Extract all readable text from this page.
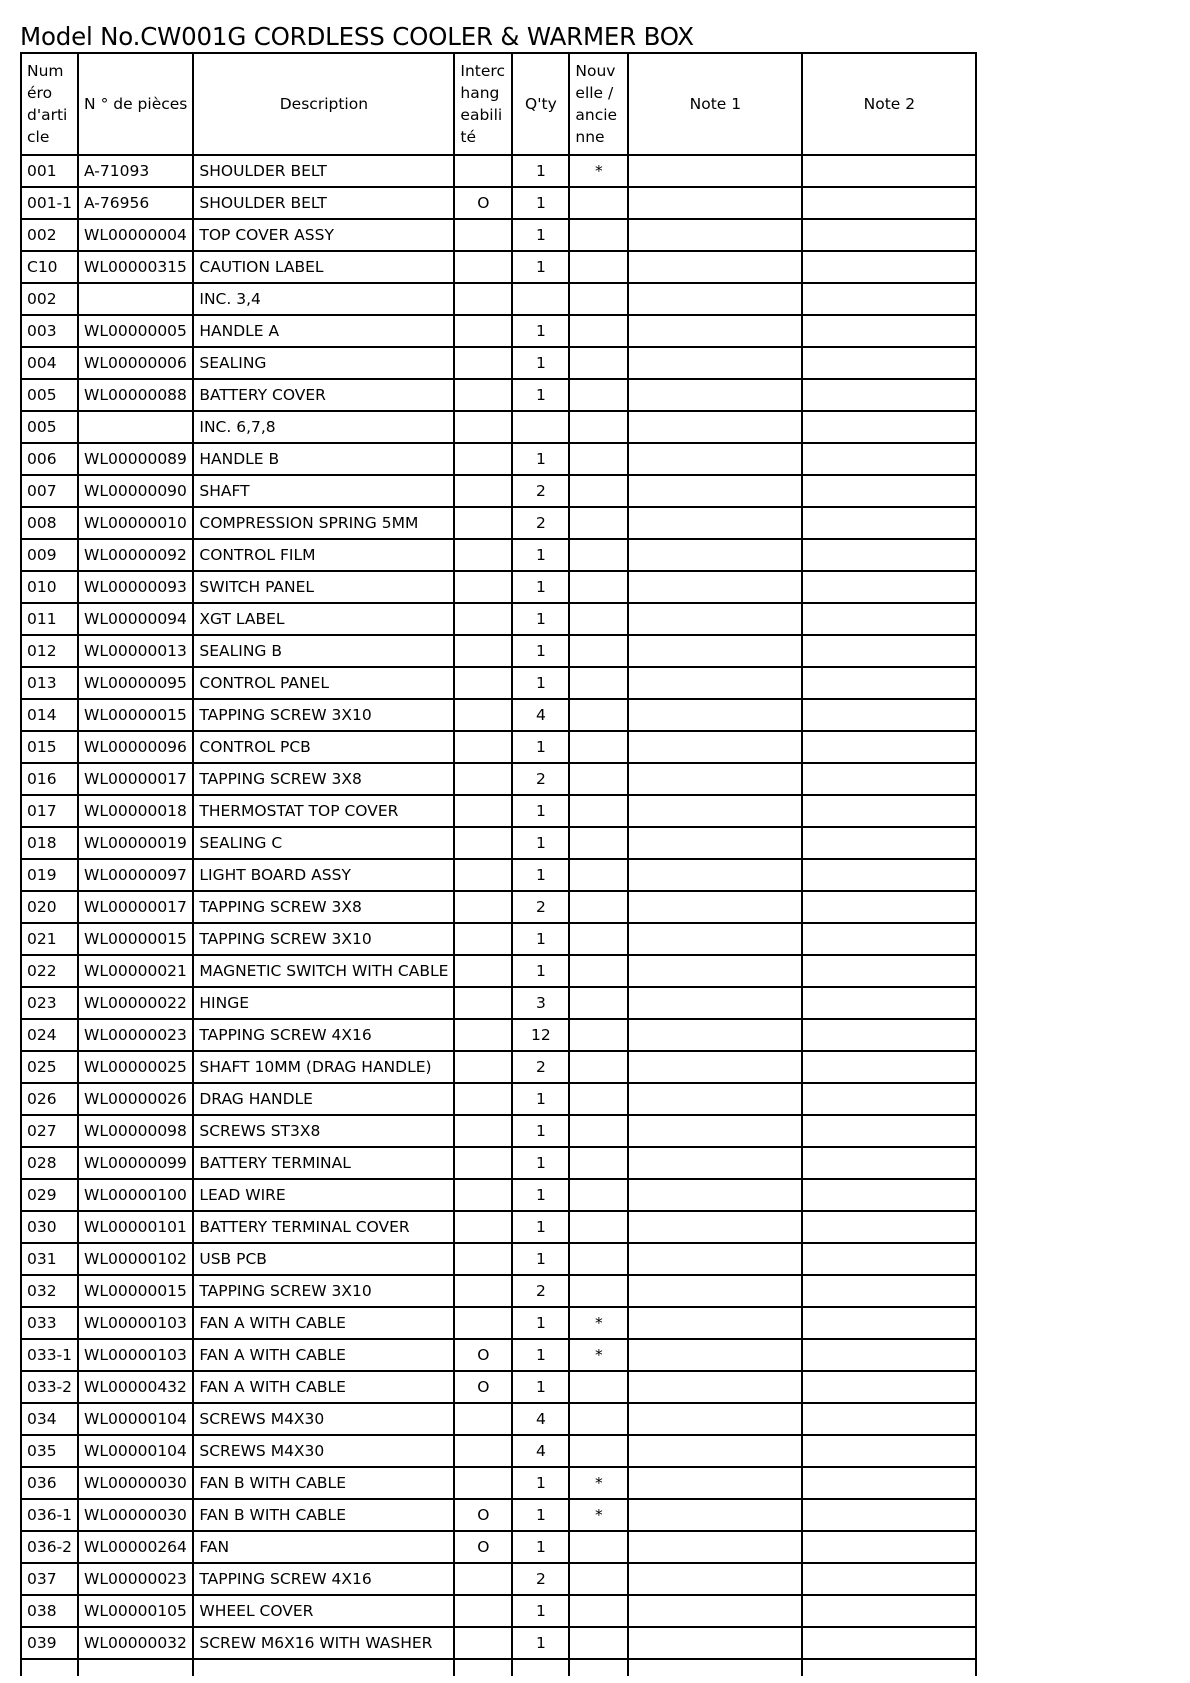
Model No.CW001G CORDLESS COOLER & WARMER BOX
Numéro d'article	N ° de pièces	Description	Interchangeabilité	Q'ty	Nouvelle / ancienne	Note 1	Note 2
001	A-71093	SHOULDER BELT		1	*		
001-1	A-76956	SHOULDER BELT	O	1			
002	WL00000004	TOP COVER ASSY		1			
C10	WL00000315	CAUTION LABEL		1			
002		INC. 3,4					
003	WL00000005	HANDLE A		1			
004	WL00000006	SEALING		1			
005	WL00000088	BATTERY COVER		1			
005		INC. 6,7,8					
006	WL00000089	HANDLE B		1			
007	WL00000090	SHAFT		2			
008	WL00000010	COMPRESSION SPRING 5MM		2			
009	WL00000092	CONTROL FILM		1			
010	WL00000093	SWITCH PANEL		1			
011	WL00000094	XGT LABEL		1			
012	WL00000013	SEALING B		1			
013	WL00000095	CONTROL PANEL		1			
014	WL00000015	TAPPING SCREW 3X10		4			
015	WL00000096	CONTROL PCB		1			
016	WL00000017	TAPPING SCREW 3X8		2			
017	WL00000018	THERMOSTAT TOP COVER		1			
018	WL00000019	SEALING C		1			
019	WL00000097	LIGHT BOARD ASSY		1			
020	WL00000017	TAPPING SCREW 3X8		2			
021	WL00000015	TAPPING SCREW 3X10		1			
022	WL00000021	MAGNETIC SWITCH WITH CABLE		1			
023	WL00000022	HINGE		3			
024	WL00000023	TAPPING SCREW 4X16		12			
025	WL00000025	SHAFT 10MM (DRAG HANDLE)		2			
026	WL00000026	DRAG HANDLE		1			
027	WL00000098	SCREWS ST3X8		1			
028	WL00000099	BATTERY TERMINAL		1			
029	WL00000100	LEAD WIRE		1			
030	WL00000101	BATTERY TERMINAL COVER		1			
031	WL00000102	USB PCB		1			
032	WL00000015	TAPPING SCREW 3X10		2			
033	WL00000103	FAN A WITH CABLE		1	*		
033-1	WL00000103	FAN A WITH CABLE	O	1	*		
033-2	WL00000432	FAN A WITH CABLE	O	1			
034	WL00000104	SCREWS M4X30		4			
035	WL00000104	SCREWS M4X30		4			
036	WL00000030	FAN B WITH CABLE		1	*		
036-1	WL00000030	FAN B WITH CABLE	O	1	*		
036-2	WL00000264	FAN	O	1			
037	WL00000023	TAPPING SCREW 4X16		2			
038	WL00000105	WHEEL COVER		1			
039	WL00000032	SCREW M6X16 WITH WASHER		1			
